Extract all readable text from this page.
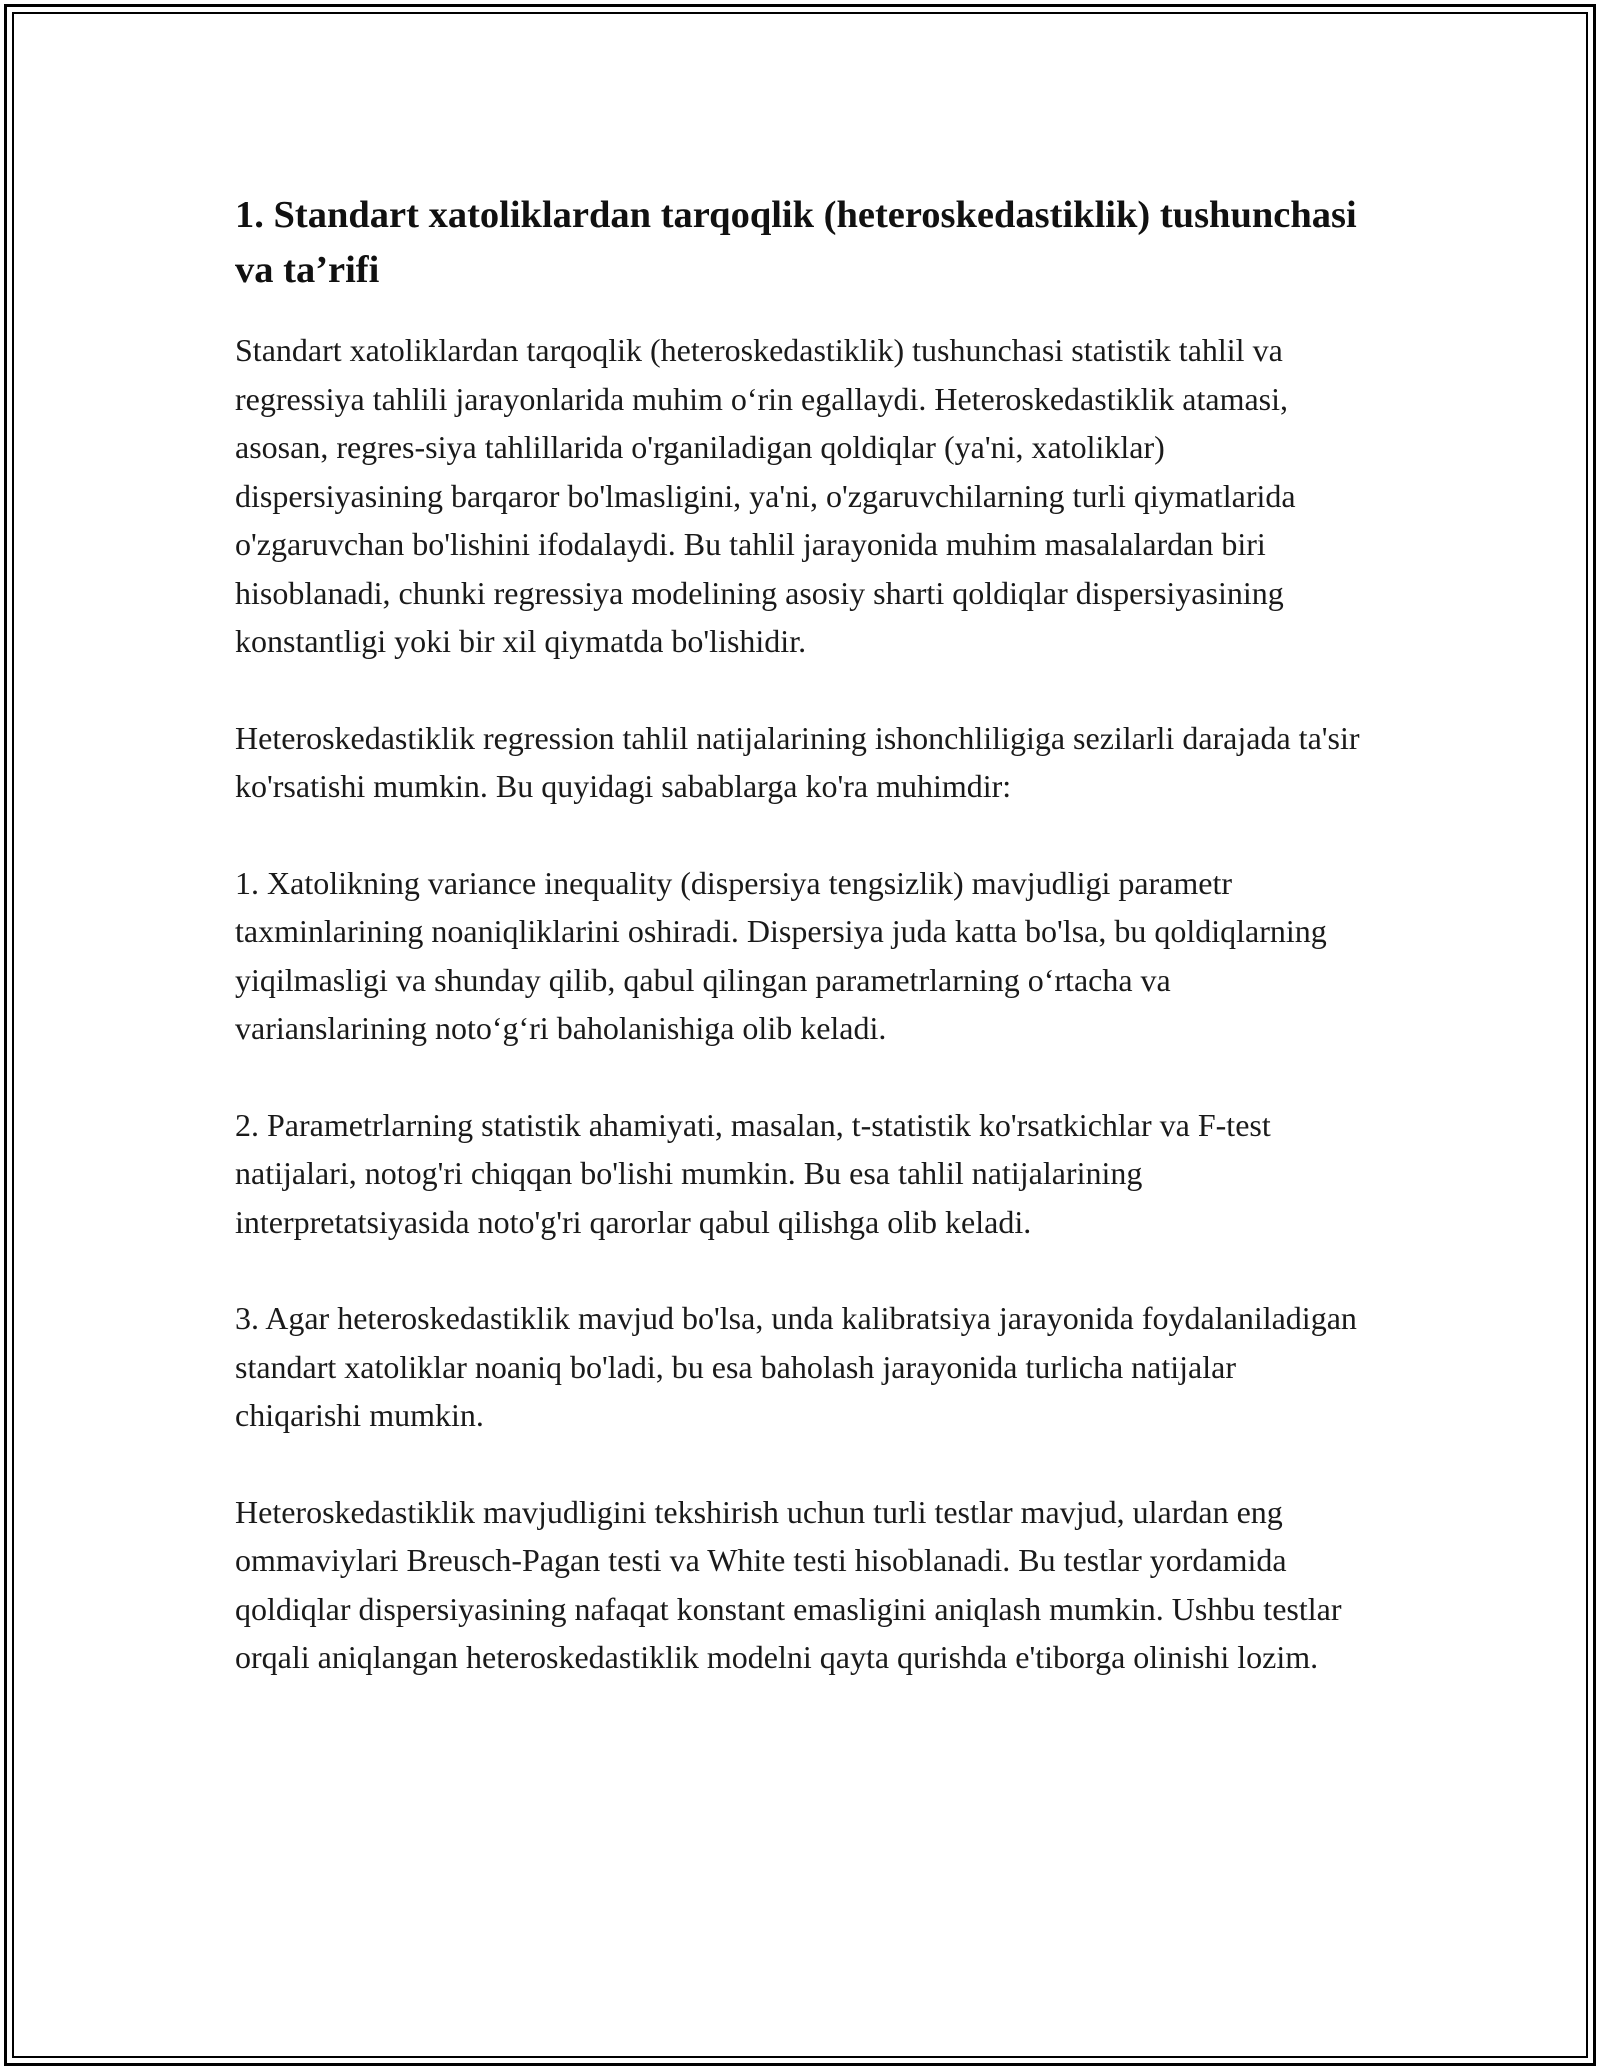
1. Standart xatoliklardan tarqoqlik (heteroskedastiklik) tushunchasi va ta’rifi

Standart xatoliklardan tarqoqlik (heteroskedastiklik) tushunchasi statistik tahlil va regressiya tahlili jarayonlarida muhim o‘rin egallaydi. Heteroskedastiklik atamasi, asosan, regres-siya tahlillarida o'rganiladigan qoldiqlar (ya'ni, xatoliklar) dispersiyasining barqaror bo'lmasligini, ya'ni, o'zgaruvchilarning turli qiymatlarida o'zgaruvchan bo'lishini ifodalaydi. Bu tahlil jarayonida muhim masalalardan biri hisoblanadi, chunki regressiya modelining asosiy sharti qoldiqlar dispersiyasining konstantligi yoki bir xil qiymatda bo'lishidir.

Heteroskedastiklik regression tahlil natijalarining ishonchliligiga sezilarli darajada ta'sir ko'rsatishi mumkin. Bu quyidagi sabablarga ko'ra muhimdir:

1. Xatolikning variance inequality (dispersiya tengsizlik) mavjudligi parametr taxminlarining noaniqliklarini oshiradi. Dispersiya juda katta bo'lsa, bu qoldiqlarning yiqilmasligi va shunday qilib, qabul qilingan parametrlarning o‘rtacha va varianslarining noto‘g‘ri baholanishiga olib keladi.

2. Parametrlarning statistik ahamiyati, masalan, t-statistik ko'rsatkichlar va F-test natijalari, notog'ri chiqqan bo'lishi mumkin. Bu esa tahlil natijalarining interpretatsiyasida noto'g'ri qarorlar qabul qilishga olib keladi.

3. Agar heteroskedastiklik mavjud bo'lsa, unda kalibratsiya jarayonida foydalaniladigan standart xatoliklar noaniq bo'ladi, bu esa baholash jarayonida turlicha natijalar chiqarishi mumkin.

Heteroskedastiklik mavjudligini tekshirish uchun turli testlar mavjud, ulardan eng ommaviylari Breusch-Pagan testi va White testi hisoblanadi. Bu testlar yordamida qoldiqlar dispersiyasining nafaqat konstant emasligini aniqlash mumkin. Ushbu testlar orqali aniqlangan heteroskedastiklik modelni qayta qurishda e'tiborga olinishi lozim.
